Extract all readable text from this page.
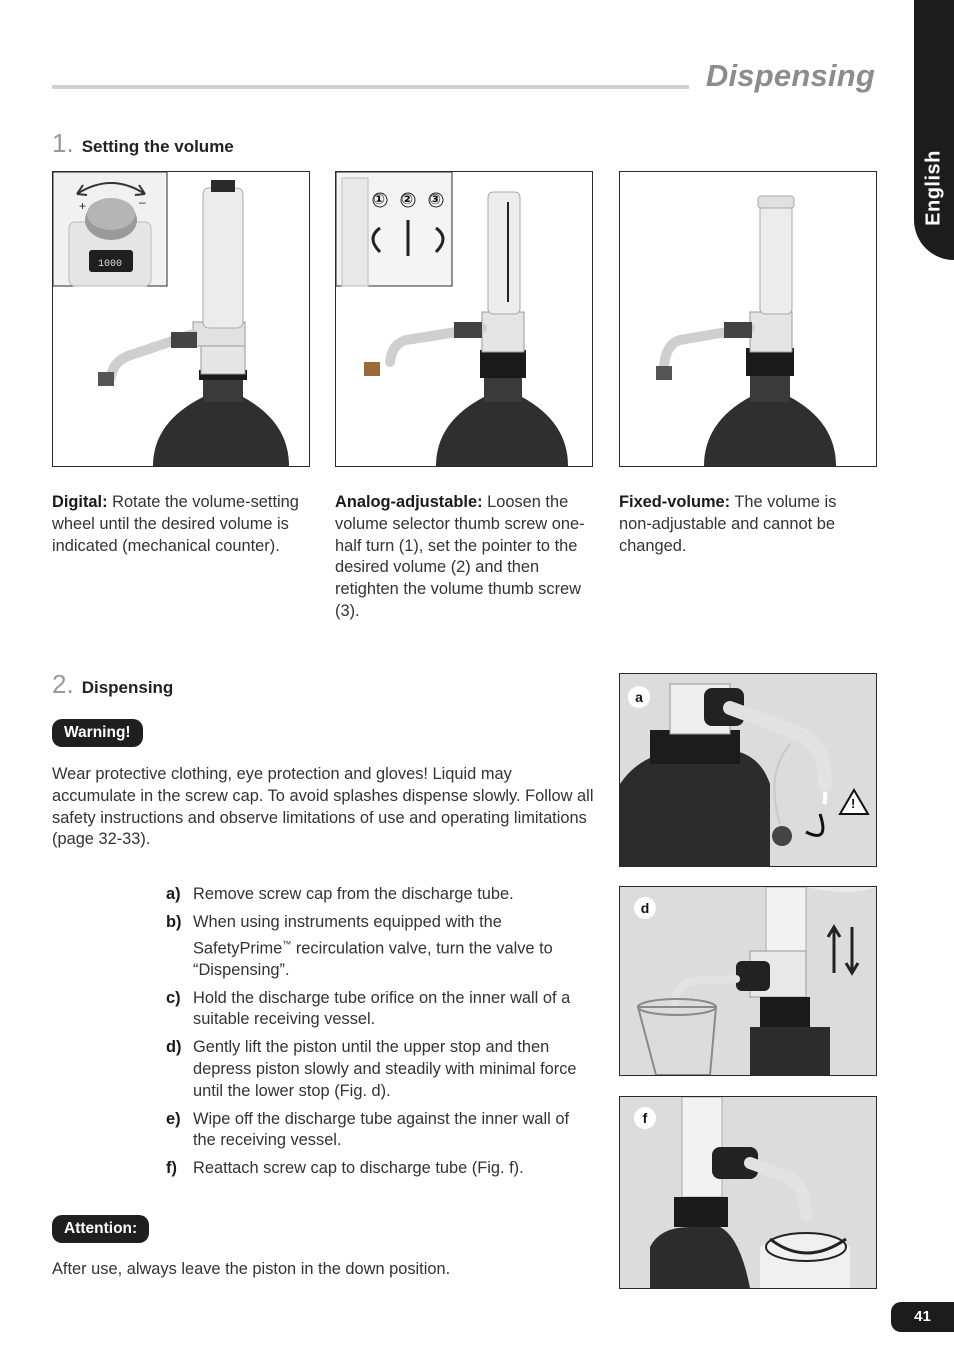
Dispensing
English
1. Setting the volume
+	–
1000
①	②	③
Digital: Rotate the volume-setting wheel until the desired volume is indicated (mechanical counter).
Analog-adjustable: Loosen the volume selector thumb screw one-half turn (1), set the pointer to the desired volume (2) and then retighten the volume thumb screw (3).
Fixed-volume: The volume is non-adjustable and cannot be changed.
2. Dispensing
Warning!
Wear protective clothing, eye protection and gloves! Liquid may accumulate in the screw cap. To avoid splashes dispense slowly. Follow all safety instructions and observe limitations of use and operating limitations (page 32-33).
a) Remove screw cap from the discharge tube.
b) When using instruments equipped with the SafetyPrime™ recirculation valve, turn the valve to “Dispensing”.
c) Hold the discharge tube orifice on the inner wall of a suitable receiving vessel.
d) Gently lift the piston until the upper stop and then depress piston slowly and steadily with minimal force until the lower stop (Fig. d).
e) Wipe off the discharge tube against the inner wall of the receiving vessel.
f) Reattach screw cap to discharge tube (Fig. f).
Attention:
After use, always leave the piston in the down position.
a
!
d
f
41
